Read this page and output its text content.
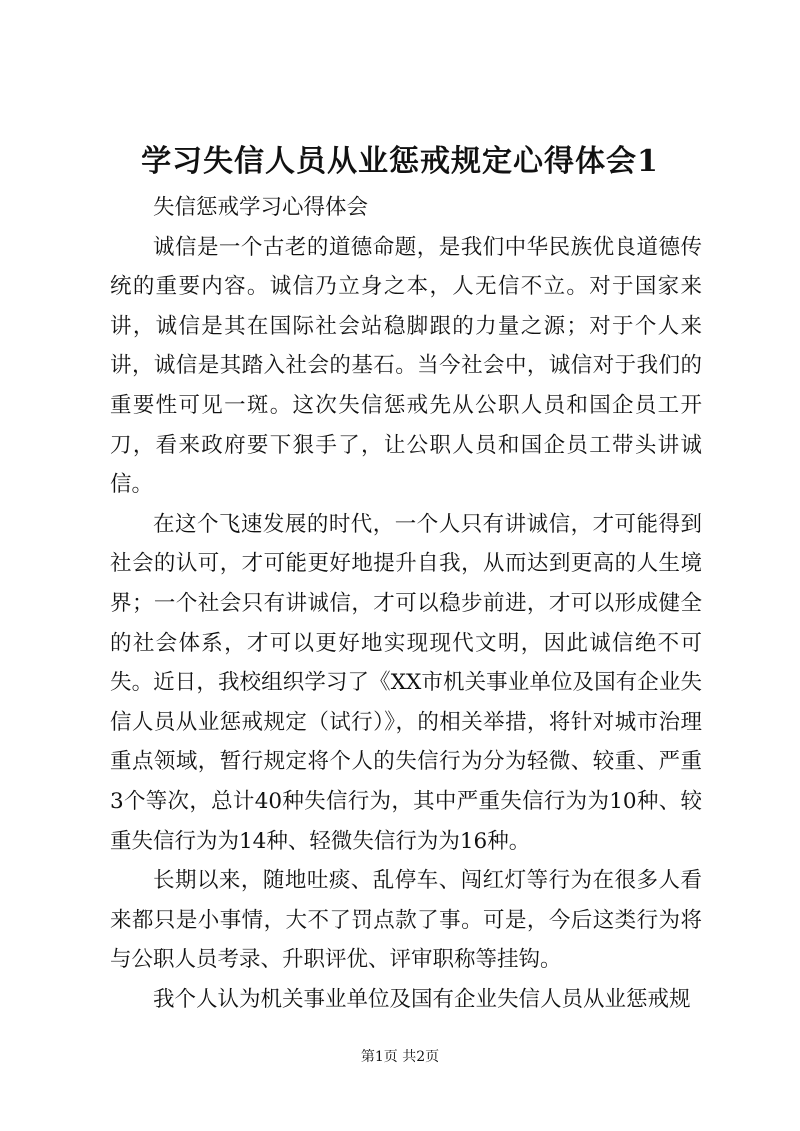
学习失信人员从业惩戒规定心得体会1

失信惩戒学习心得体会

诚信是一个古老的道德命题，是我们中华民族优良道德传统的重要内容。诚信乃立身之本，人无信不立。对于国家来讲，诚信是其在国际社会站稳脚跟的力量之源；对于个人来讲，诚信是其踏入社会的基石。当今社会中，诚信对于我们的重要性可见一斑。这次失信惩戒先从公职人员和国企员工开刀，看来政府要下狠手了，让公职人员和国企员工带头讲诚信。

在这个飞速发展的时代，一个人只有讲诚信，才可能得到社会的认可，才可能更好地提升自我，从而达到更高的人生境界；一个社会只有讲诚信，才可以稳步前进，才可以形成健全的社会体系，才可以更好地实现现代文明，因此诚信绝不可失。近日，我校组织学习了《XX市机关事业单位及国有企业失信人员从业惩戒规定（试行）》，的相关举措，将针对城市治理重点领域，暂行规定将个人的失信行为分为轻微、较重、严重3个等次，总计40种失信行为，其中严重失信行为为10种、较重失信行为为14种、轻微失信行为为16种。

长期以来，随地吐痰、乱停车、闯红灯等行为在很多人看来都只是小事情，大不了罚点款了事。可是，今后这类行为将与公职人员考录、升职评优、评审职称等挂钩。

我个人认为机关事业单位及国有企业失信人员从业惩戒规

第1页 共2页
